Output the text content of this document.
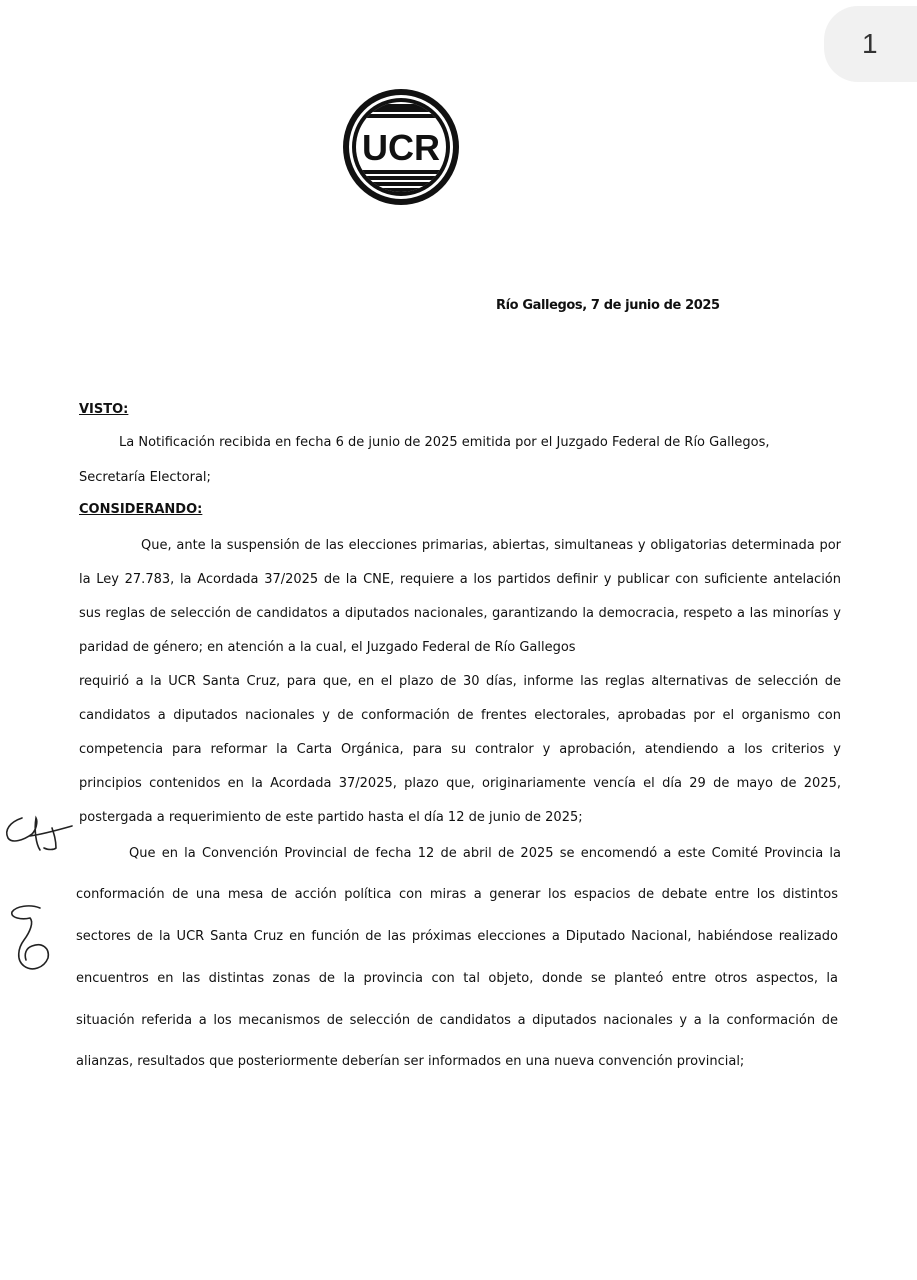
1
UCR
Río Gallegos, 7 de junio de 2025
VISTO:
La Notificación recibida en fecha 6 de junio de 2025 emitida por el Juzgado Federal de Río Gallegos,
Secretaría Electoral;
CONSIDERANDO:
Que, ante la suspensión de las elecciones primarias, abiertas, simultaneas y obligatorias determinada por
la Ley 27.783, la Acordada 37/2025 de la CNE, requiere a los partidos definir y publicar con suficiente antelación
sus reglas de selección de candidatos a diputados nacionales, garantizando la democracia, respeto a las minorías y
paridad de género; en atención a la cual, el Juzgado Federal de Río Gallegos
requirió a la UCR Santa Cruz, para que, en el plazo de 30 días, informe las reglas alternativas de selección de
candidatos a diputados nacionales y de conformación de frentes electorales, aprobadas por el organismo con
competencia para reformar la Carta Orgánica, para su contralor y aprobación, atendiendo a los criterios y
principios contenidos en la Acordada 37/2025, plazo que, originariamente vencía el día 29 de mayo de 2025,
postergada a requerimiento de este partido hasta el día 12 de junio de 2025;
Que en la Convención Provincial de fecha 12 de abril de 2025 se encomendó a este Comité Provincia la
conformación de una mesa de acción política con miras a generar los espacios de debate entre los distintos
sectores de la UCR Santa Cruz en función de las próximas elecciones a Diputado Nacional, habiéndose realizado
encuentros en las distintas zonas de la provincia con tal objeto, donde se planteó entre otros aspectos, la
situación referida a los mecanismos de selección de candidatos a diputados nacionales y a la conformación de
alianzas, resultados que posteriormente deberían ser informados en una nueva convención provincial;
